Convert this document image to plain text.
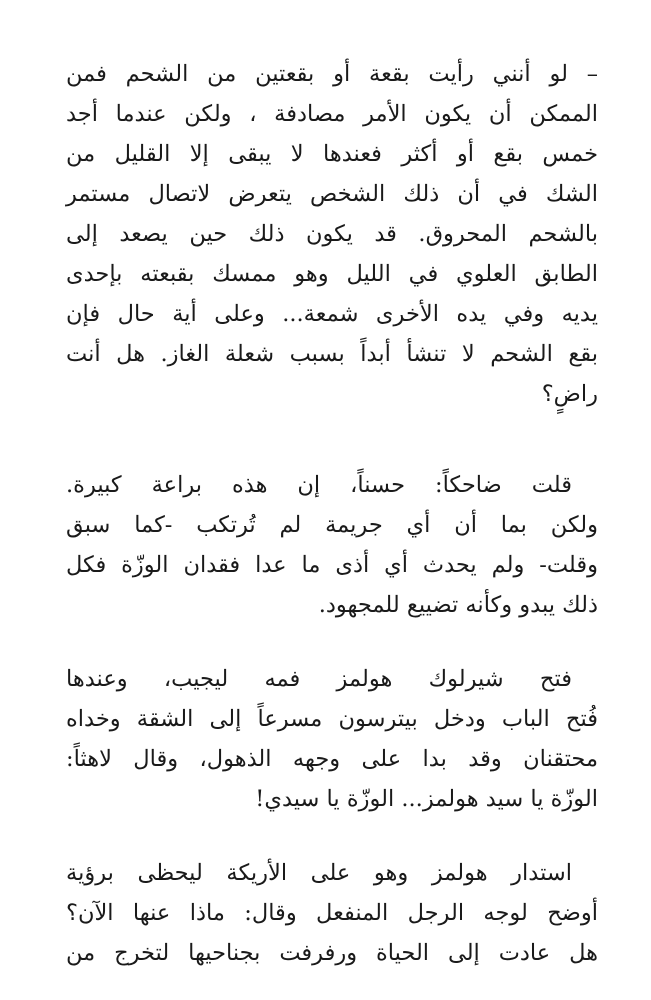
– لو أنني رأيت بقعة أو بقعتين من الشحم فمن
الممكن أن يكون الأمر مصادفة ، ولكن عندما أجد
خمس بقع أو أكثر فعندها لا يبقى إلا القليل من
الشك في أن ذلك الشخص يتعرض لاتصال مستمر
بالشحم المحروق. قد يكون ذلك حين يصعد إلى
الطابق العلوي في الليل وهو ممسك بقبعته بإحدى
يديه وفي يده الأخرى شمعة... وعلى أية حال فإن
بقع الشحم لا تنشأ أبداً بسبب شعلة الغاز. هل أنت
راضٍ؟
قلت ضاحكاً: حسناً، إن هذه براعة كبيرة.
ولكن بما أن أي جريمة لم تُرتكب -كما سبق
وقلت- ولم يحدث أي أذى ما عدا فقدان الوزّة فكل
ذلك يبدو وكأنه تضييع للمجهود.
فتح شيرلوك هولمز فمه ليجيب، وعندها
فُتح الباب ودخل بيترسون مسرعاً إلى الشقة وخداه
محتقنان وقد بدا على وجهه الذهول، وقال لاهثاً:
الوزّة يا سيد هولمز... الوزّة يا سيدي!
استدار هولمز وهو على الأريكة ليحظى برؤية
أوضح لوجه الرجل المنفعل وقال: ماذا عنها الآن؟
هل عادت إلى الحياة ورفرفت بجناحيها لتخرج من
